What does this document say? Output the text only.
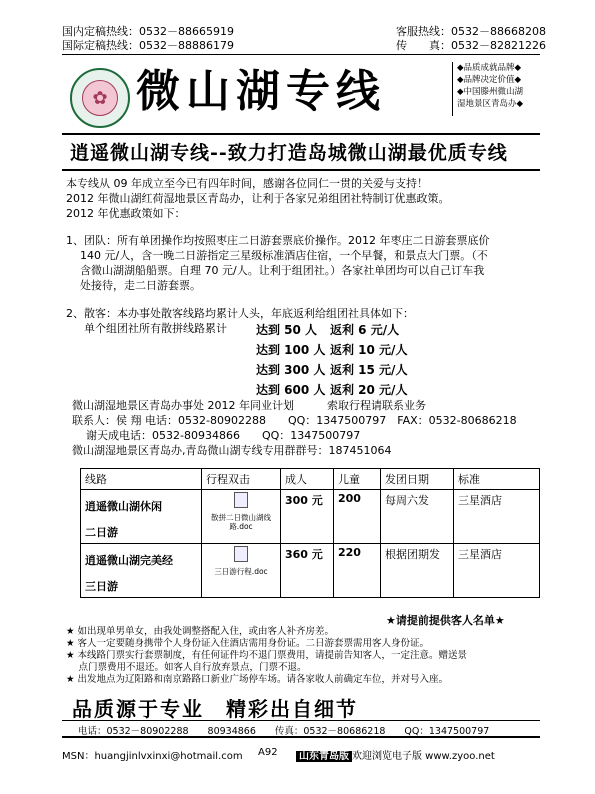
国内定稿热线：0532－88665919
国际定稿热线：0532－88886179
客服热线：0532－88668208
传　　真：0532－82821226
✿ 微山湖专线	◆品质成就品牌◆
◆品牌决定价值◆
◆中国滕州微山湖
湿地景区青岛办◆
逍遥微山湖专线--致力打造岛城微山湖最优质专线
本专线从 09 年成立至今已有四年时间，感谢各位同仁一贯的关爱与支持！
2012 年微山湖红荷湿地景区青岛办，让利于各家兄弟组团社特制订优惠政策。
2012 年优惠政策如下：
1、团队：所有单团操作均按照枣庄二日游套票底价操作。2012 年枣庄二日游套票底价
140 元/人，含一晚二日游指定三星级标准酒店住宿，一个早餐，和景点大门票。（不
含微山湖湖船船票。自理 70 元/人。让利于组团社。）各家社单团均可以自己订车我
处接待，走二日游套票。
2、散客：本办事处散客线路均累计人头，年底返利给组团社具体如下：
单个组团社所有散拼线路累计	达到 50 人 返利 6 元/人
达到 100 人 返利 10 元/人
达到 300 人 返利 15 元/人
达到 600 人 返利 20 元/人
微山湖湿地景区青岛办事处 2012 年同业计划　　　索取行程请联系业务
联系人：侯 翔 电话：0532-80902288　　QQ：1347500797　FAX：0532-80686218
谢天成电话：0532-80934866　　QQ：1347500797
微山湖湿地景区青岛办,青岛微山湖专线专用群群号：187451064
线路	行程双击	成人	儿童	发团日期	标准

逍遥微山湖休闲
二日游	散拼二日微山湖线路.doc	300 元	200	每周六发	三星酒店

逍遥微山湖完美经
三日游	三日游行程.doc	360 元	220	根据团期发	三星酒店
★请提前提供客人名单★
★ 如出现单男单女，由我处调整搭配入住，或由客人补齐房差。
★ 客人一定要随身携带个人身份证入住酒店需用身份证。二日游套票需用客人身份证。
★ 本线路门票实行套票制度，有任何证件均不退门票费用，请提前告知客人，一定注意。赠送景
　 点门票费用不退还。如客人自行放弃景点，门票不退。
★ 出发地点为辽阳路和南京路路口新业广场停车场。请各家收人前确定车位，并对号入座。
品质源于专业　精彩出自细节
电话：0532－80902288　　80934866　　传真：0532－80686218　　QQ：1347500797
MSN：huangjinlvxinxi@hotmail.com A92	山东青岛版 欢迎浏览电子版 www.zyoo.net
